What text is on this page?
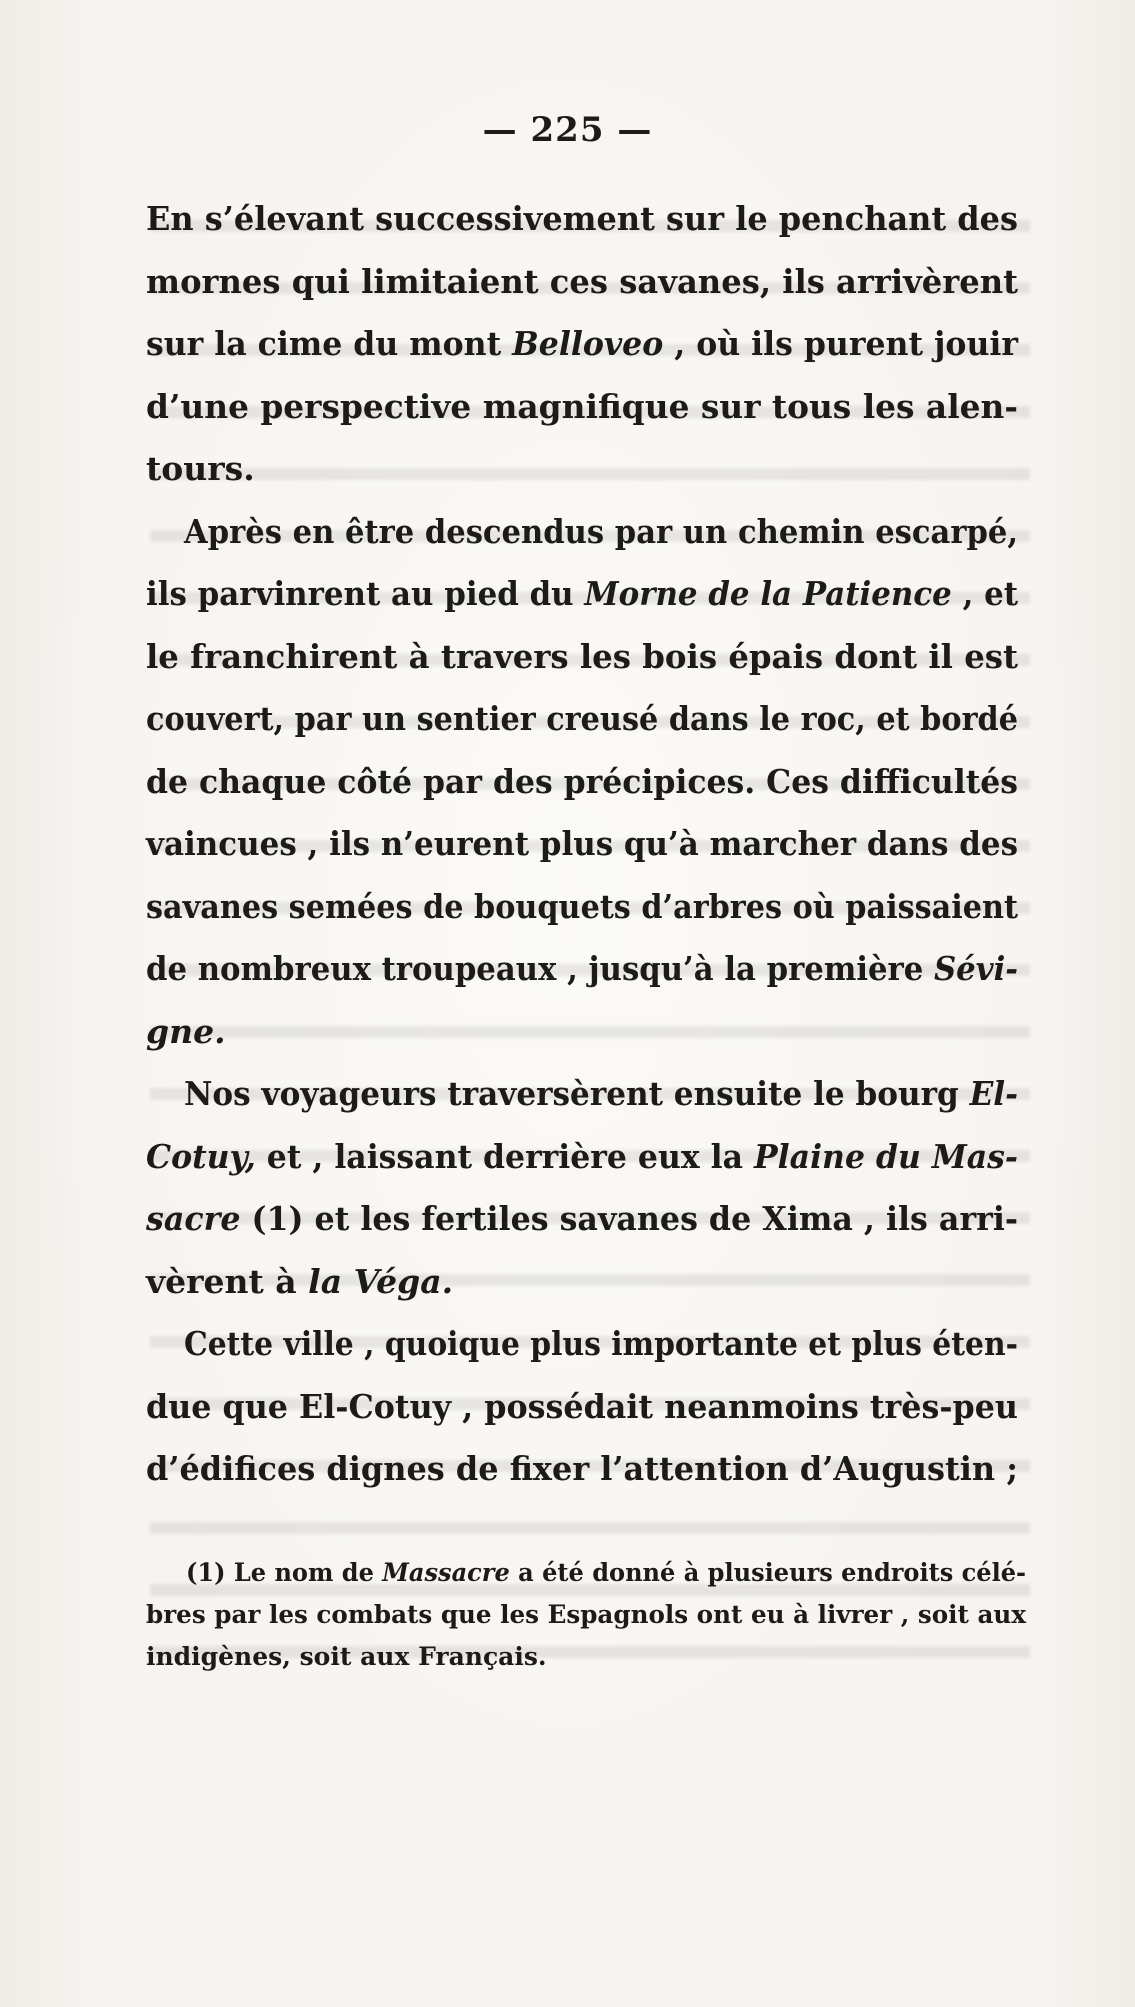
— 225 —
En s’élevant successivement sur le penchant des
mornes qui limitaient ces savanes, ils arrivèrent
sur la cime du mont Belloveo , où ils purent jouir
d’une perspective magnifique sur tous les alen-
tours.
Après en être descendus par un chemin escarpé,
ils parvinrent au pied du Morne de la Patience , et
le franchirent à travers les bois épais dont il est
couvert, par un sentier creusé dans le roc, et bordé
de chaque côté par des précipices. Ces difficultés
vaincues , ils n’eurent plus qu’à marcher dans des
savanes semées de bouquets d’arbres où paissaient
de nombreux troupeaux , jusqu’à la première Sévi-
gne.
Nos voyageurs traversèrent ensuite le bourg El-
Cotuy, et , laissant derrière eux la Plaine du Mas-
sacre (1) et les fertiles savanes de Xima , ils arri-
vèrent à la Véga.
Cette ville , quoique plus importante et plus éten-
due que El-Cotuy , possédait neanmoins très-peu
d’édifices dignes de fixer l’attention d’Augustin ;
(1) Le nom de Massacre a été donné à plusieurs endroits célé-
bres par les combats que les Espagnols ont eu à livrer , soit aux
indigènes, soit aux Français.
